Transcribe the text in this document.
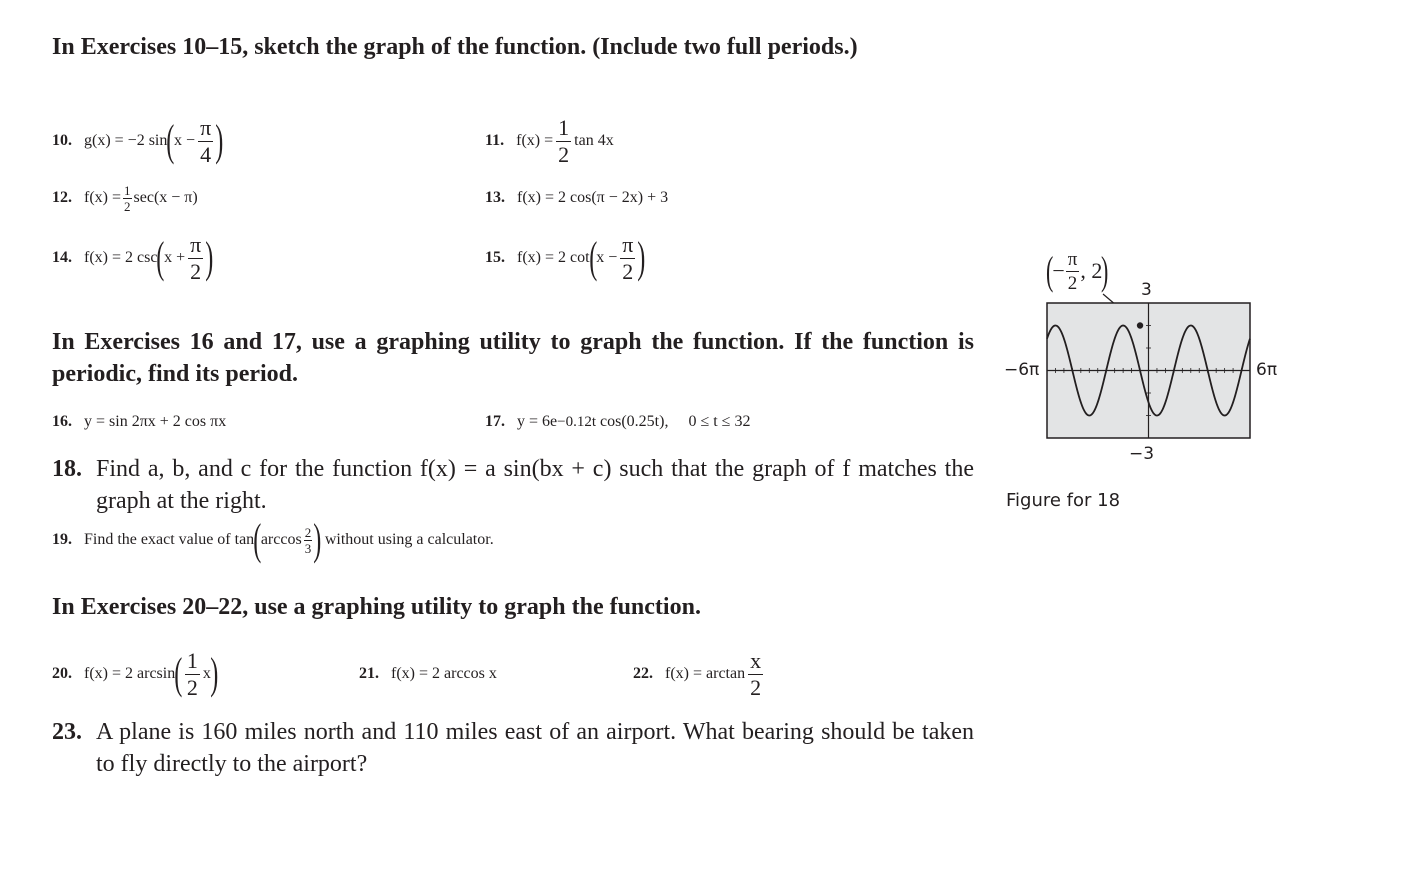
In Exercises 10–15, sketch the graph of the function. (Include two full periods.)
10. g(x) = −2 sin ( $x - \frac{\pi}{4}$ )	11. $f(x) = \frac{1}{2}$ tan 4x
12. $f(x) = \frac{1}{2} \sec(x - \pi)$	13. f(x) = 2 cos(π − 2x) + 3
14. f(x) = 2 csc ( $x + \frac{\pi}{2}$ )	15. f(x) = 2 cot ( $x - \frac{\pi}{2}$ )
In Exercises 16 and 17, use a graphing utility to graph the function. If the function is periodic, find its period.
16. y = sin 2πx + 2 cos πx	17. y = 6e −0.12t
cos(0.25t),  0 ≤ t ≤ 32
18. Find a, b, and c for the function f(x) = a sin(bx + c) such that the graph of f matches the graph at the right.
19. Find the exact value of tan ( arccos 2
3 )
without using a calculator.
In Exercises 20–22, use a graphing utility to graph the function.
20. f(x) = 2 arcsin ( $\frac{1}{2}$ x )	21. f(x) = 2 arccos x	22. $f(x) = \arctan \frac{x}{2}$
23. A plane is 160 miles north and 110 miles east of an airport. What bearing should be taken to fly directly to the airport?
(
− $\frac{\pi}{2}$ , 2
) 3
−3
−6π	6π
Figure for 18
